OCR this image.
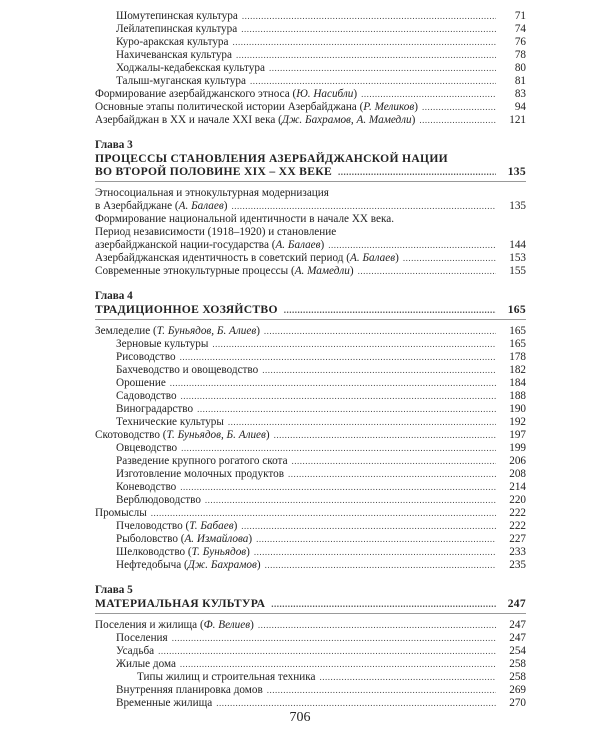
Шомутепинская культура .....	71
Лейлатепинская культура .....	74
Куро-аракская культура .....	76
Нахичеванская культура .....	78
Ходжалы-кедабекская культура .....	80
Талыш-муганская культура .....	81
Формирование азербайджанского этноса (Ю. Насибли) .....	83
Основные этапы политической истории Азербайджана (Р. Меликов) .....	94
Азербайджан в XX и начале XXI века (Дж. Бахрамов, А. Мамедли) .....	121
Глава 3
ПРОЦЕССЫ СТАНОВЛЕНИЯ АЗЕРБАЙДЖАНСКОЙ НАЦИИ
ВО ВТОРОЙ ПОЛОВИНЕ XIX – XX ВЕКЕ .....	135
Этносоциальная и этнокультурная модернизация
в Азербайджане (А. Балаев) .....	135
Формирование национальной идентичности в начале XX века.
Период независимости (1918–1920) и становление
азербайджанской нации-государства (А. Балаев) .....	144
Азербайджанская идентичность в советский период (А. Балаев) .....	153
Современные этнокультурные процессы (А. Мамедли) .....	155
Глава 4
ТРАДИЦИОННОЕ ХОЗЯЙСТВО .....	165
Земледелие (Т. Буньядов, Б. Алиев) .....	165
Зерновые культуры .....	165
Рисоводство .....	178
Бахчеводство и овощеводство .....	182
Орошение .....	184
Садоводство .....	188
Виноградарство .....	190
Технические культуры .....	192
Скотоводство (Т. Буньядов, Б. Алиев) .....	197
Овцеводство .....	199
Разведение крупного рогатого скота .....	206
Изготовление молочных продуктов .....	208
Коневодство .....	214
Верблюдоводство .....	220
Промыслы .....	222
Пчеловодство (Т. Бабаев) .....	222
Рыболовство (А. Измайлова) .....	227
Шелководство (Т. Буньядов) .....	233
Нефтедобыча (Дж. Бахрамов) .....	235
Глава 5
МАТЕРИАЛЬНАЯ КУЛЬТУРА .....	247
Поселения и жилища (Ф. Велиев) .....	247
Поселения .....	247
Усадьба .....	254
Жилые дома .....	258
Типы жилищ и строительная техника .....	258
Внутренняя планировка домов .....	269
Временные жилища .....	270
706
